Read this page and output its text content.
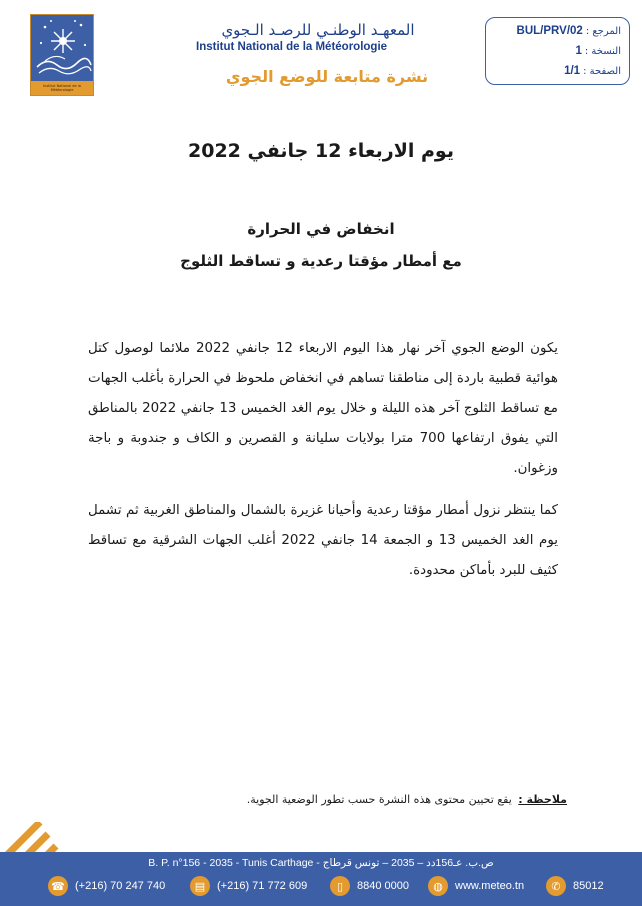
Institut National de la Météorologie
المعهـد الوطنـي للرصـد الـجوي
Institut National de la Météorologie
نشرة متابعة للوضع الجوي
المرجع :
BUL/PRV/02
النسخة :
1
الصفحة :
1/1
يوم الاربعاء 12 جانفي 2022
انخفاض في الحرارة
مع أمطار مؤقتا رعدية و تساقط الثلوج

يكون الوضع الجوي آخر نهار هذا اليوم الاربعاء 12 جانفي 2022 ملائما لوصول كتل هوائية قطبية باردة إلى مناطقنا تساهم في انخفاض ملحوظ في الحرارة بأغلب الجهات مع تساقط الثلوج آخر هذه الليلة و خلال يوم الغد الخميس 13 جانفي 2022 بالمناطق التي يفوق ارتفاعها 700 مترا بولايات سليانة و القصرين و الكاف و جندوبة و باجة وزغوان.

كما ينتظر نزول أمطار مؤقتا رعدية وأحيانا غزيرة بالشمال والمناطق الغربية ثم تشمل يوم الغد الخميس 13 و الجمعة 14 جانفي 2022 أغلب الجهات الشرقية مع تساقط كثيف للبرد بأماكن محدودة.

ملاحظة : يقع تحيين محتوى هذه النشرة حسب تطور الوضعية الجوية.
B. P. n°156 - 2035 - Tunis Carthage - ص.ب. عـ156دد – 2035 – تونس قرطاج
☎ (+216) 70 247 740	▤	(+216) 71 772 609	▯	8840 0000	◍	www.meteo.tn	✆	85012
